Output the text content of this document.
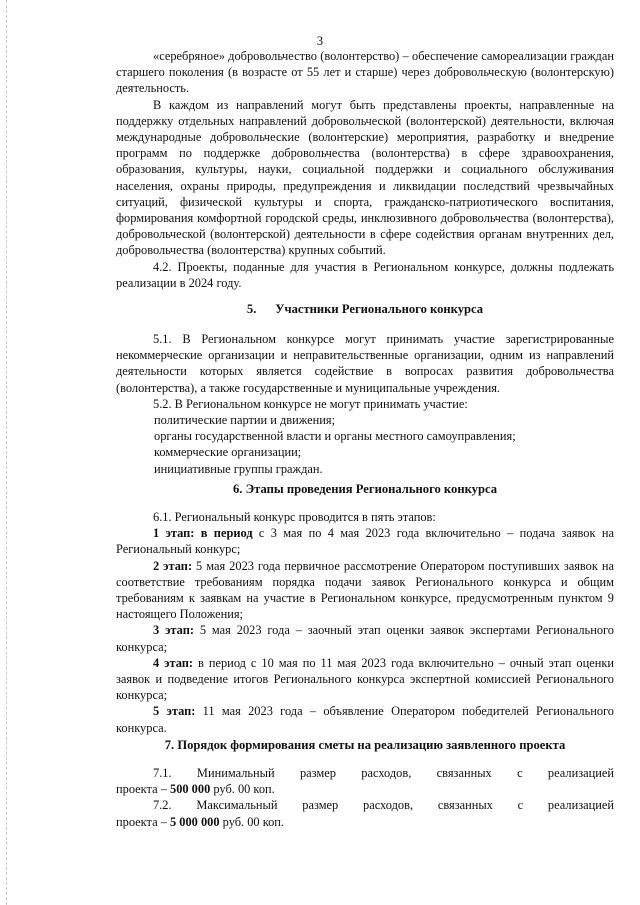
3

«серебряное» добровольчество (волонтерство) – обеспечение самореализации граждан старшего поколения (в возрасте от 55 лет и старше) через добровольческую (волонтерскую) деятельность.

В каждом из направлений могут быть представлены проекты, направленные на поддержку отдельных направлений добровольческой (волонтерской) деятельности, включая международные добровольческие (волонтерские) мероприятия, разработку и внедрение программ по поддержке добровольчества (волонтерства) в сфере здравоохранения, образования, культуры, науки, социальной поддержки и социального обслуживания населения, охраны природы, предупреждения и ликвидации последствий чрезвычайных ситуаций, физической культуры и спорта, гражданско-патриотического воспитания, формирования комфортной городской среды, инклюзивного добровольчества (волонтерства), добровольческой (волонтерской) деятельности в сфере содействия органам внутренних дел, добровольчества (волонтерства) крупных событий.

4.2. Проекты, поданные для участия в Региональном конкурсе, должны подлежать реализации в 2024 году.

5. Участники Регионального конкурса

5.1. В Региональном конкурсе могут принимать участие зарегистрированные некоммерческие организации и неправительственные организации, одним из направлений деятельности которых является содействие в вопросах развития добровольчества (волонтерства), а также государственные и муниципальные учреждения.

5.2. В Региональном конкурсе не могут принимать участие:

политические партии и движения;

органы государственной власти и органы местного самоуправления;

коммерческие организации;

инициативные группы граждан.

6. Этапы проведения Регионального конкурса

6.1. Региональный конкурс проводится в пять этапов:

1 этап: в период с 3 мая по 4 мая 2023 года включительно – подача заявок на Региональный конкурс;

2 этап: 5 мая 2023 года первичное рассмотрение Оператором поступивших заявок на соответствие требованиям порядка подачи заявок Регионального конкурса и общим требованиям к заявкам на участие в Региональном конкурсе, предусмотренным пунктом 9 настоящего Положения;

3 этап: 5 мая 2023 года – заочный этап оценки заявок экспертами Регионального конкурса;

4 этап: в период с 10 мая по 11 мая 2023 года включительно – очный этап оценки заявок и подведение итогов Регионального конкурса экспертной комиссией Регионального конкурса;

5 этап: 11 мая 2023 года – объявление Оператором победителей Регионального конкурса.

7. Порядок формирования сметы на реализацию заявленного проекта

7.1. Минимальный размер расходов, связанных с реализацией

проекта – 500 000 руб. 00 коп.

7.2. Максимальный размер расходов, связанных с реализацией

проекта – 5 000 000 руб. 00 коп.
